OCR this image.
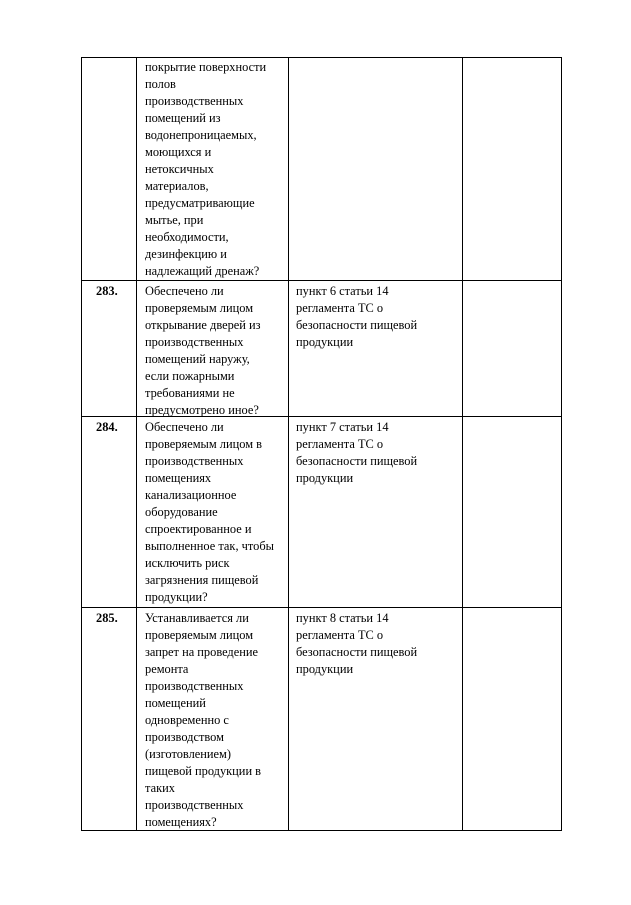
покрытие поверхности
полов
производственных
помещений из
водонепроницаемых,
моющихся и
нетоксичных
материалов,
предусматривающие
мытье, при
необходимости,
дезинфекцию и
надлежащий дренаж?
283. Обеспечено ли
проверяемым лицом
открывание дверей из
производственных
помещений наружу,
если пожарными
требованиями не
предусмотрено иное?
пункт 6 статьи 14
регламента ТС о
безопасности пищевой
продукции
284. Обеспечено ли
проверяемым лицом в
производственных
помещениях
канализационное
оборудование
спроектированное и
выполненное так, чтобы
исключить риск
загрязнения пищевой
продукции?
пункт 7 статьи 14
регламента ТС о
безопасности пищевой
продукции
285. Устанавливается ли
проверяемым лицом
запрет на проведение
ремонта
производственных
помещений
одновременно с
производством
(изготовлением)
пищевой продукции в
таких
производственных
помещениях?
пункт 8 статьи 14
регламента ТС о
безопасности пищевой
продукции
